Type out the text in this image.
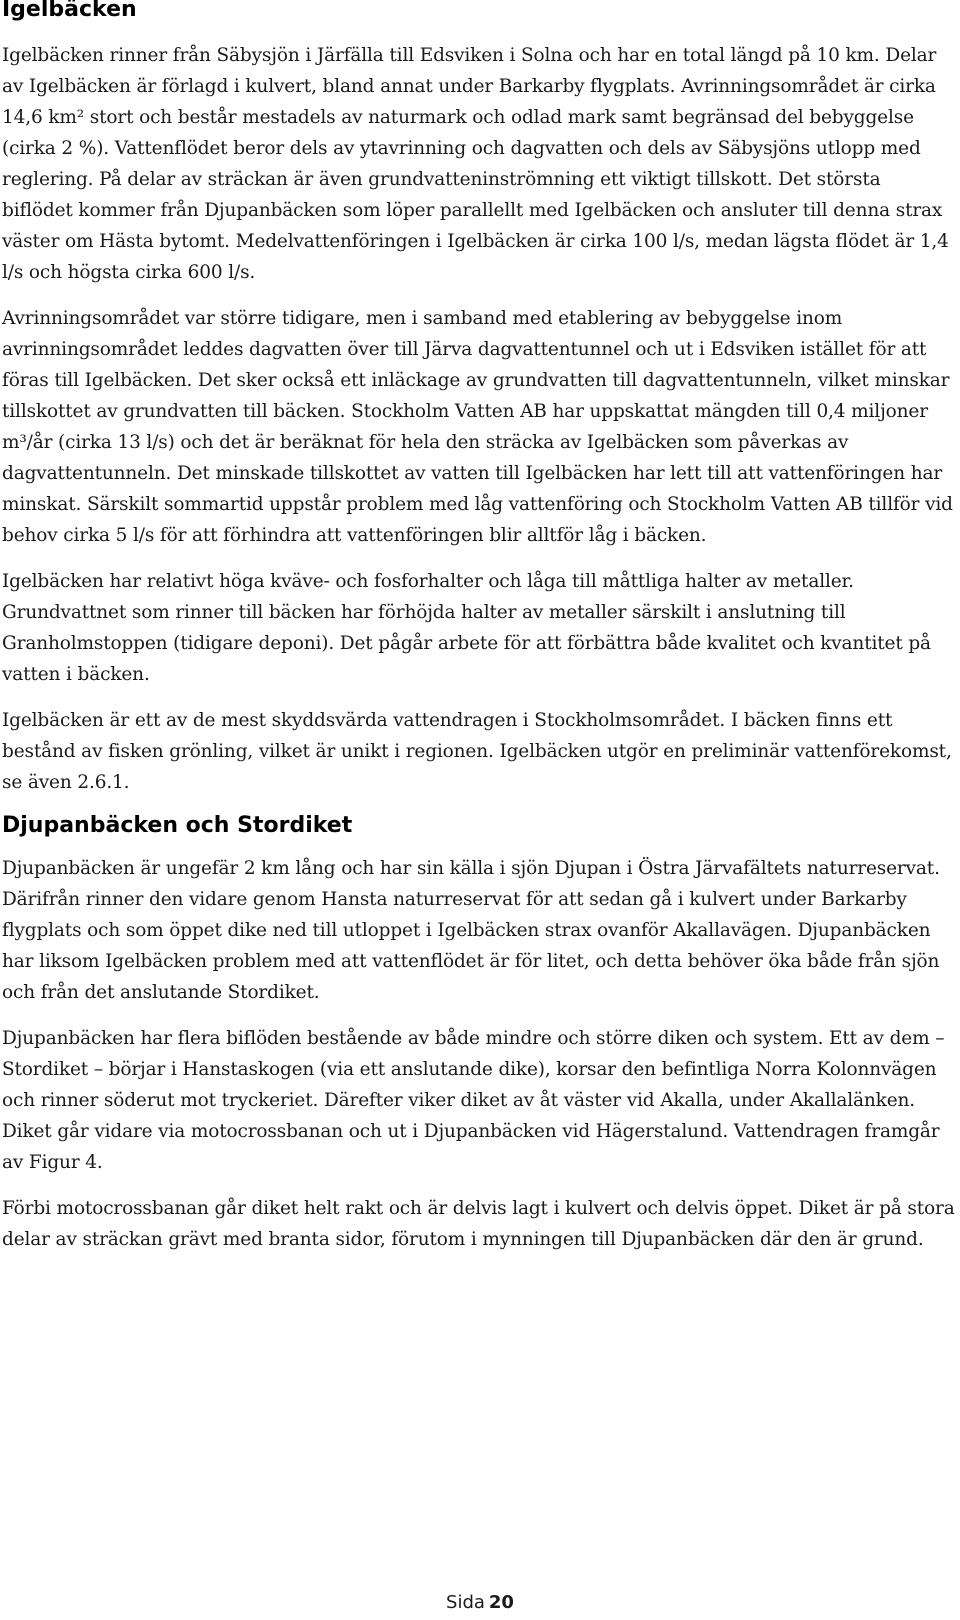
Igelbäcken

Igelbäcken rinner från Säbysjön i Järfälla till Edsviken i Solna och har en total längd på 10 km. Delar av Igelbäcken är förlagd i kulvert, bland annat under Barkarby flygplats. Avrinningsområdet är cirka 14,6 km² stort och består mestadels av naturmark och odlad mark samt begränsad del bebyggelse (cirka 2 %). Vattenflödet beror dels av ytavrinning och dagvatten och dels av Säbysjöns utlopp med reglering. På delar av sträckan är även grundvatteninströmning ett viktigt tillskott. Det största biflödet kommer från Djupanbäcken som löper parallellt med Igelbäcken och ansluter till denna strax väster om Hästa bytomt. Medelvattenföringen i Igelbäcken är cirka 100 l/s, medan lägsta flödet är 1,4 l/s och högsta cirka 600 l/s.

Avrinningsområdet var större tidigare, men i samband med etablering av bebyggelse inom avrinningsområdet leddes dagvatten över till Järva dagvattentunnel och ut i Edsviken istället för att föras till Igelbäcken. Det sker också ett inläckage av grundvatten till dagvattentunneln, vilket minskar tillskottet av grundvatten till bäcken. Stockholm Vatten AB har uppskattat mängden till 0,4 miljoner m³/år (cirka 13 l/s) och det är beräknat för hela den sträcka av Igelbäcken som påverkas av dagvattentunneln. Det minskade tillskottet av vatten till Igelbäcken har lett till att vattenföringen har minskat. Särskilt sommartid uppstår problem med låg vattenföring och Stockholm Vatten AB tillför vid behov cirka 5 l/s för att förhindra att vattenföringen blir alltför låg i bäcken.

Igelbäcken har relativt höga kväve- och fosforhalter och låga till måttliga halter av metaller. Grundvattnet som rinner till bäcken har förhöjda halter av metaller särskilt i anslutning till Granholmstoppen (tidigare deponi). Det pågår arbete för att förbättra både kvalitet och kvantitet på vatten i bäcken.

Igelbäcken är ett av de mest skyddsvärda vattendragen i Stockholmsområdet. I bäcken finns ett bestånd av fisken grönling, vilket är unikt i regionen. Igelbäcken utgör en preliminär vattenförekomst, se även 2.6.1.

Djupanbäcken och Stordiket

Djupanbäcken är ungefär 2 km lång och har sin källa i sjön Djupan i Östra Järvafältets naturreservat. Därifrån rinner den vidare genom Hansta naturreservat för att sedan gå i kulvert under Barkarby flygplats och som öppet dike ned till utloppet i Igelbäcken strax ovanför Akallavägen. Djupanbäcken har liksom Igelbäcken problem med att vattenflödet är för litet, och detta behöver öka både från sjön och från det anslutande Stordiket.

Djupanbäcken har flera biflöden bestående av både mindre och större diken och system. Ett av dem – Stordiket – börjar i Hanstaskogen (via ett anslutande dike), korsar den befintliga Norra Kolonnvägen och rinner söderut mot tryckeriet. Därefter viker diket av åt väster vid Akalla, under Akallalänken. Diket går vidare via motocrossbanan och ut i Djupanbäcken vid Hägerstalund. Vattendragen framgår av Figur 4.

Förbi motocrossbanan går diket helt rakt och är delvis lagt i kulvert och delvis öppet. Diket är på stora delar av sträckan grävt med branta sidor, förutom i mynningen till Djupanbäcken där den är grund.

Sida 20
